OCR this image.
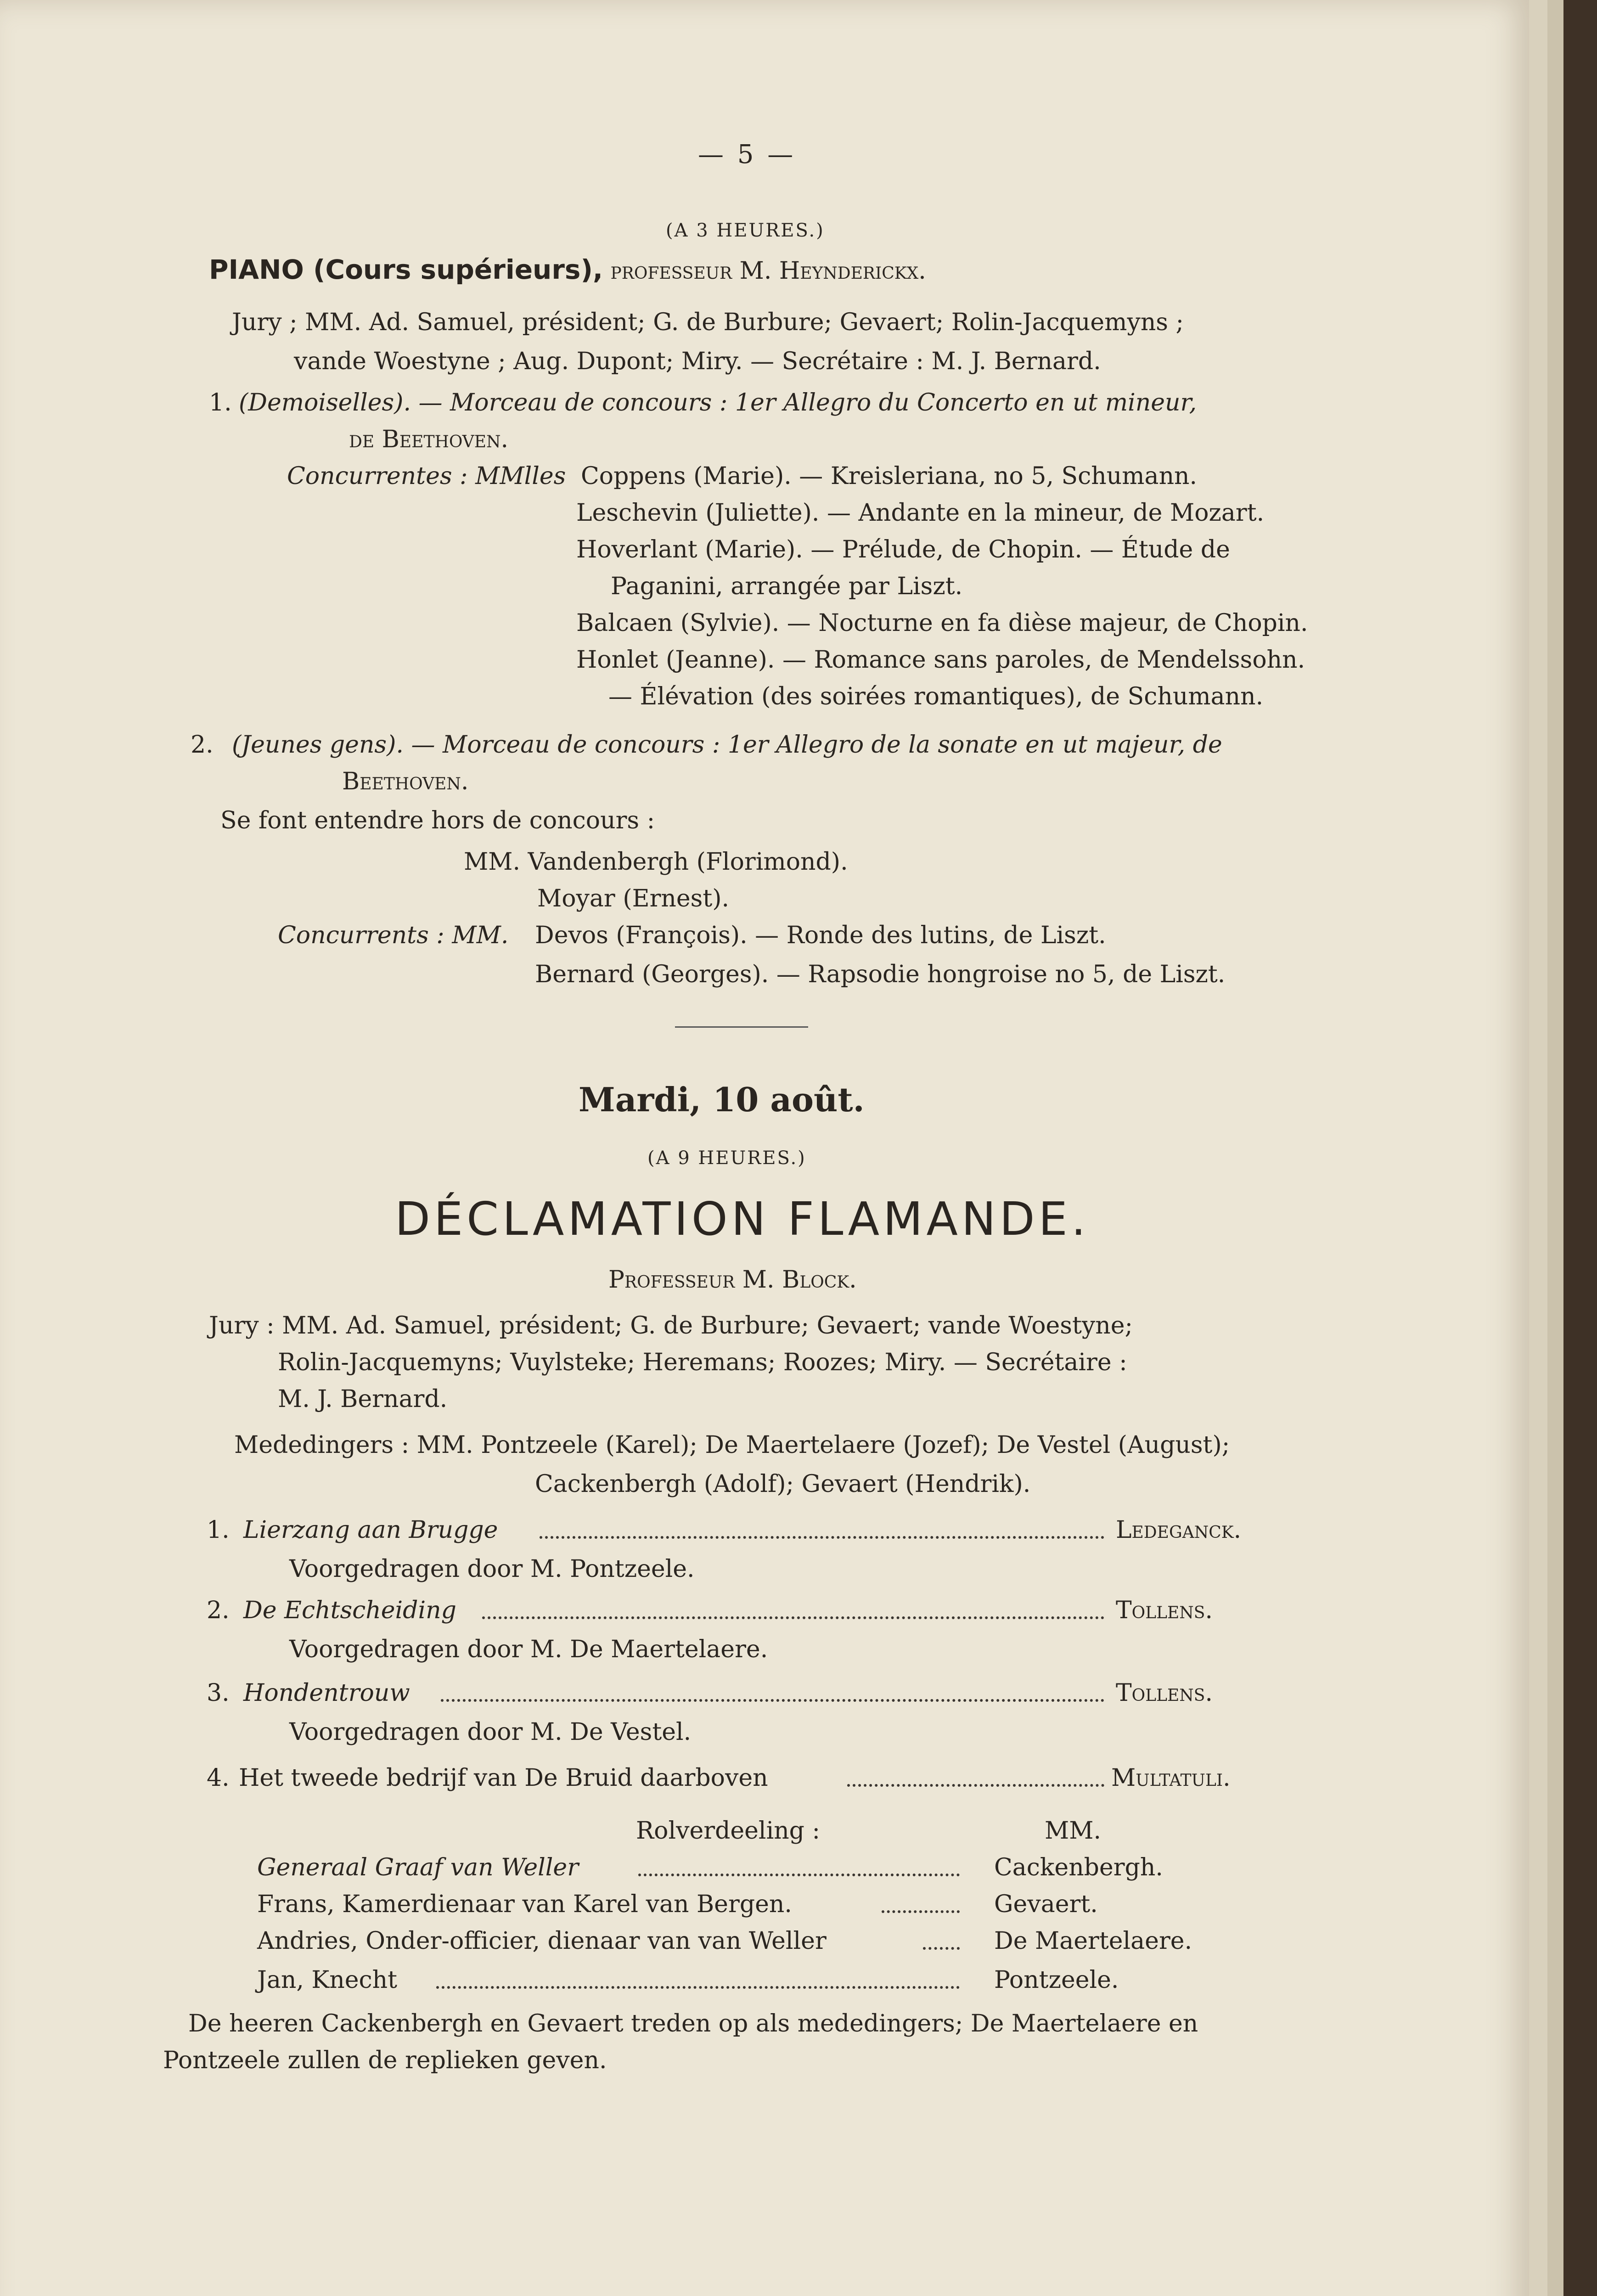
— 5 —
(A 3 HEURES.)
PIANO (Cours supérieurs), professeur M. Heynderickx.
Jury ; MM. Ad. Samuel, président; G. de Burbure; Gevaert; Rolin-Jacquemyns ;
vande Woestyne ; Aug. Dupont; Miry. — Secrétaire : M. J. Bernard.
1. (Demoiselles). — Morceau de concours : 1er Allegro du Concerto en ut mineur,
de Beethoven.
Concurrentes : MMlles Coppens (Marie). — Kreisleriana, no 5, Schumann.
Leschevin (Juliette). — Andante en la mineur, de Mozart.
Hoverlant (Marie). — Prélude, de Chopin. — Étude de
Paganini, arrangée par Liszt.
Balcaen (Sylvie). — Nocturne en fa dièse majeur, de Chopin.
Honlet (Jeanne). — Romance sans paroles, de Mendelssohn.
— Élévation (des soirées romantiques), de Schumann.
2. (Jeunes gens). — Morceau de concours : 1er Allegro de la sonate en ut majeur, de
Beethoven.
Se font entendre hors de concours :
MM. Vandenbergh (Florimond).
Moyar (Ernest).
Concurrents : MM. Devos (François). — Ronde des lutins, de Liszt.
Bernard (Georges). — Rapsodie hongroise no 5, de Liszt.
Mardi, 10 août.
(A 9 HEURES.)
DÉCLAMATION FLAMANDE.
Professeur M. Block.
Jury : MM. Ad. Samuel, président; G. de Burbure; Gevaert; vande Woestyne;
Rolin-Jacquemyns; Vuylsteke; Heremans; Roozes; Miry. — Secrétaire :
M. J. Bernard.
Mededingers : MM. Pontzeele (Karel); De Maertelaere (Jozef); De Vestel (August);
Cackenbergh (Adolf); Gevaert (Hendrik).
1. Lierzang aan Brugge	Ledeganck.
Voorgedragen door M. Pontzeele.
2. De Echtscheiding	Tollens.
Voorgedragen door M. De Maertelaere.
3. Hondentrouw	Tollens.
Voorgedragen door M. De Vestel.
4. Het tweede bedrijf van De Bruid daarboven	Multatuli.
Rolverdeeling :	MM.
Generaal Graaf van Weller	Cackenbergh.
Frans, Kamerdienaar van Karel van Bergen.	Gevaert.
Andries, Onder-officier, dienaar van van Weller	De Maertelaere.
Jan, Knecht	Pontzeele.
De heeren Cackenbergh en Gevaert treden op als mededingers; De Maertelaere en
Pontzeele zullen de replieken geven.
